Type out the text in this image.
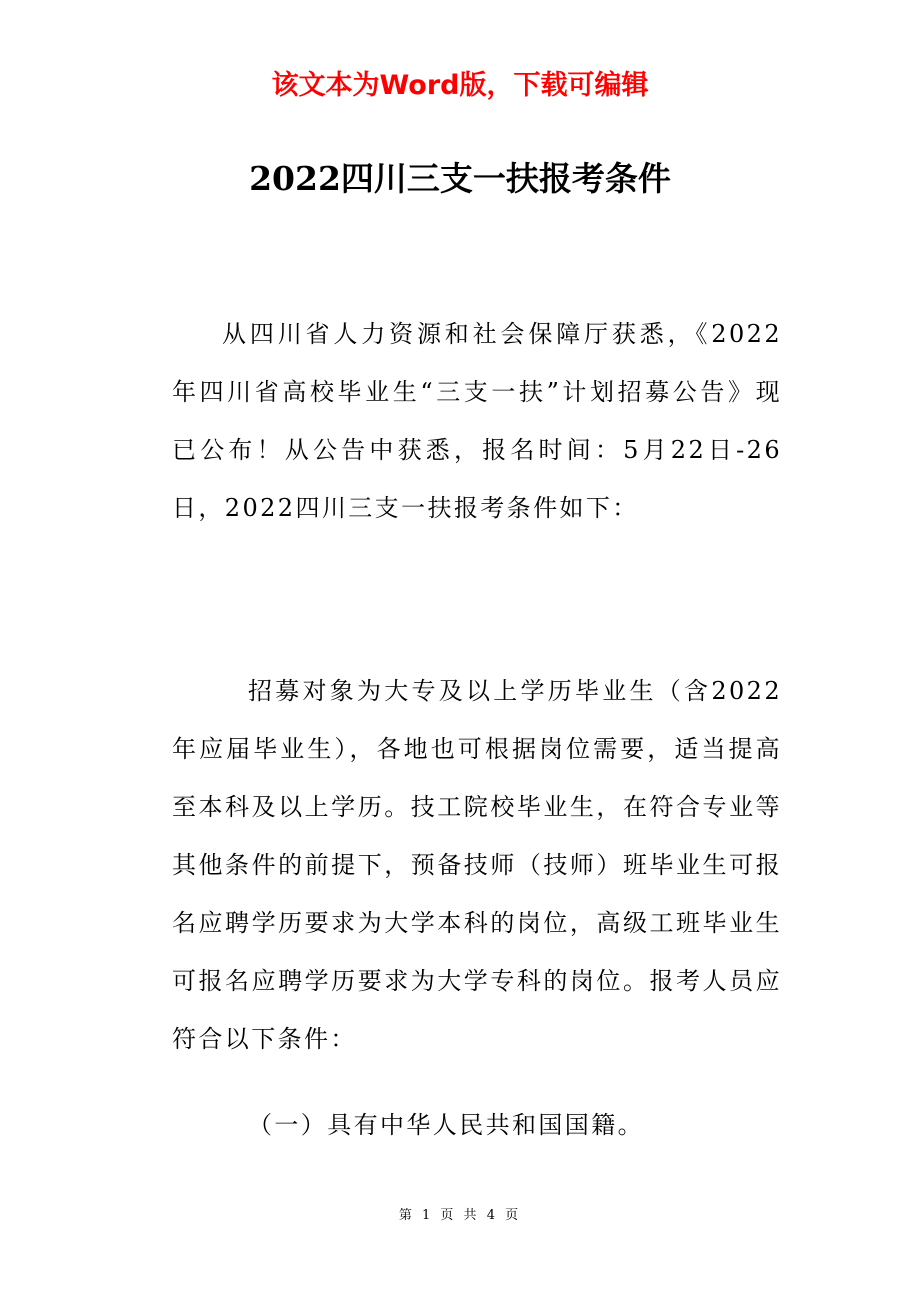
该文本为Word版，下载可编辑
2022四川三支一扶报考条件

从四川省人力资源和社会保障厅获悉，《2022年四川省高校毕业生“三支一扶”计划招募公告》现已公布！从公告中获悉，报名时间：5月22日-26日，2022四川三支一扶报考条件如下：

招募对象为大专及以上学历毕业生（含2022年应届毕业生），各地也可根据岗位需要，适当提高至本科及以上学历。技工院校毕业生，在符合专业等其他条件的前提下，预备技师（技师）班毕业生可报名应聘学历要求为大学本科的岗位，高级工班毕业生可报名应聘学历要求为大学专科的岗位。报考人员应符合以下条件：

（一）具有中华人民共和国国籍。

第 1 页 共 4 页
